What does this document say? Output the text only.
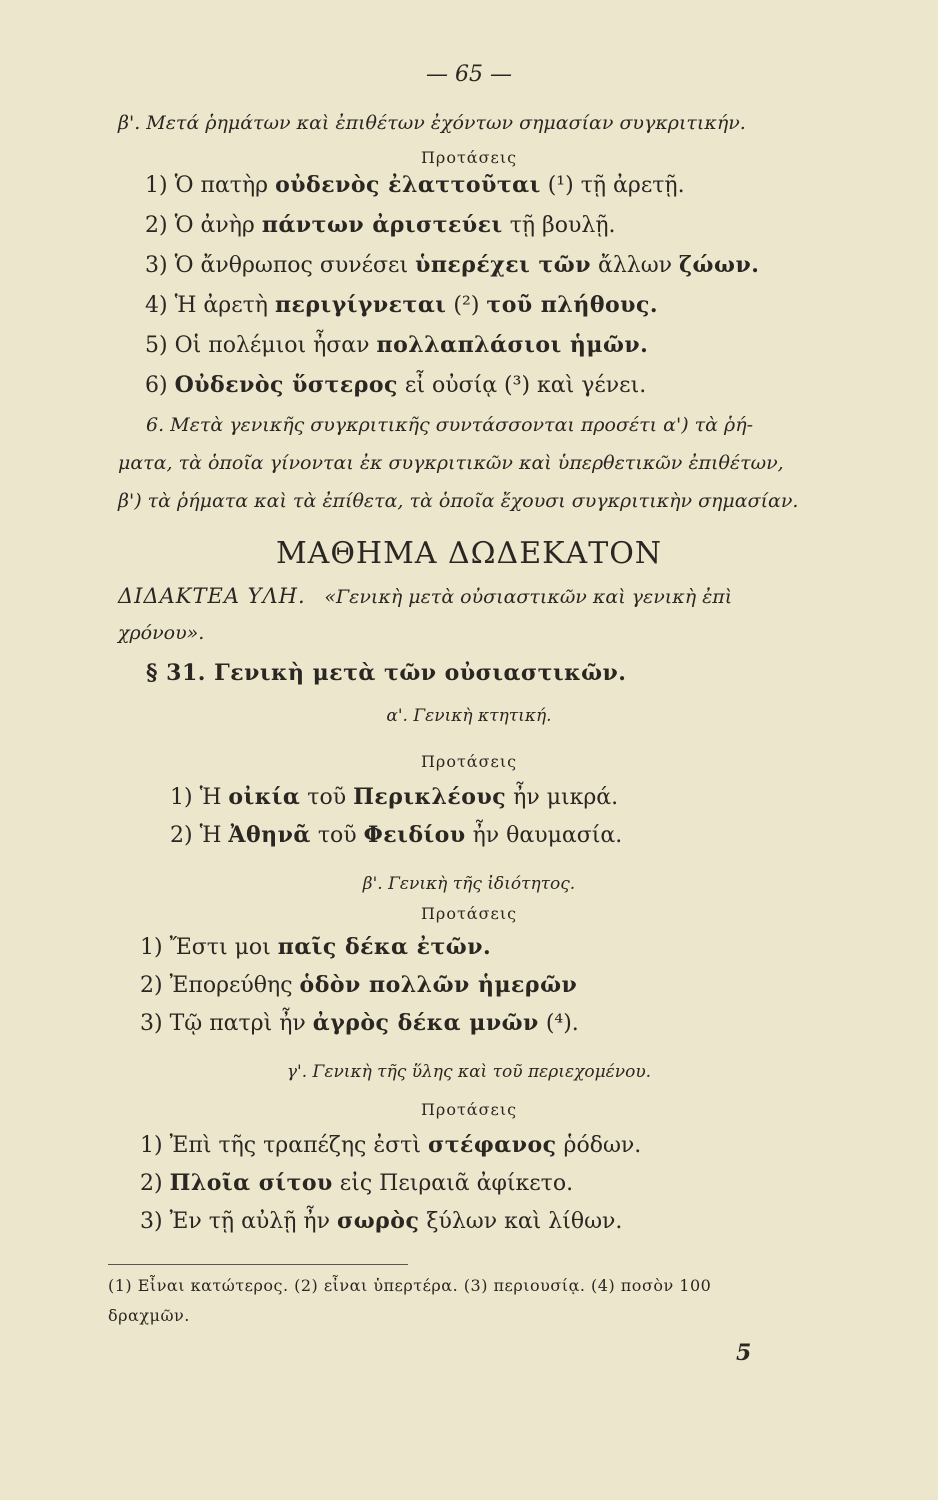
— 65 —
β'. Μετά ῥημάτων καὶ ἐπιθέτων ἐχόντων σημασίαν συγκριτικήν.
Προτάσεις
1) Ὁ πατὴρ οὐδενὸς ἐλαττοῦται (¹) τῇ ἀρετῇ.
2) Ὁ ἀνὴρ πάντων ἀριστεύει τῇ βουλῇ.
3) Ὁ ἄνθρωπος συνέσει ὑπερέχει τῶν ἄλλων ζώων.
4) Ἡ ἀρετὴ περιγίγνεται (²) τοῦ πλήθους.
5) Οἱ πολέμιοι ἦσαν πολλαπλάσιοι ἡμῶν.
6) Οὐδενὸς ὕστερος εἶ οὐσίᾳ (³) καὶ γένει.
6. Μετὰ γενικῆς συγκριτικῆς συντάσσονται προσέτι α') τὰ ῥή-
ματα, τὰ ὁποῖα γίνονται ἐκ συγκριτικῶν καὶ ὑπερθετικῶν ἐπιθέτων,
β') τὰ ῥήματα καὶ τὰ ἐπίθετα, τὰ ὁποῖα ἔχουσι συγκριτικὴν σημασίαν.
ΜΑΘΗΜΑ ΔΩΔΕΚΑΤΟΝ
ΔΙΔΑΚΤΕΑ ΥΛΗ. «Γενικὴ μετὰ οὐσιαστικῶν καὶ γενικὴ ἐπὶ
χρόνου».
§ 31. Γενικὴ μετὰ τῶν οὐσιαστικῶν.
α'. Γενικὴ κτητική.
Προτάσεις
1) Ἡ οἰκία τοῦ Περικλέους ἦν μικρά.
2) Ἡ Ἀθηνᾶ τοῦ Φειδίου ἦν θαυμασία.
β'. Γενικὴ τῆς ἰδιότητος.
Προτάσεις
1) Ἔστι μοι παῖς δέκα ἐτῶν.
2) Ἐπορεύθης ὁδὸν πολλῶν ἡμερῶν
3) Τῷ πατρὶ ἦν ἀγρὸς δέκα μνῶν (⁴).
γ'. Γενικὴ τῆς ὕλης καὶ τοῦ περιεχομένου.
Προτάσεις
1) Ἐπὶ τῆς τραπέζης ἐστὶ στέφανος ῥόδων.
2) Πλοῖα σίτου εἰς Πειραιᾶ ἀφίκετο.
3) Ἐν τῇ αὐλῇ ἦν σωρὸς ξύλων καὶ λίθων.
(1) Εἶναι κατώτερος. (2) εἶναι ὑπερτέρα. (3) περιουσίᾳ. (4) ποσὸν 100
δραχμῶν.
5
